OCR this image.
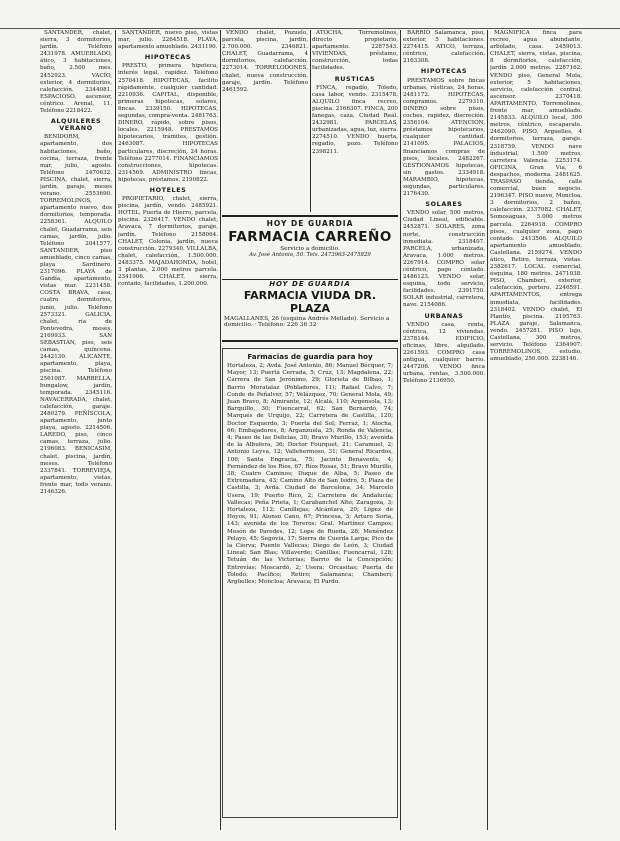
SANTANDER, chalet, sierra, 3 dormitorios, jardín. Teléfono 2431978. AMUEBLADO, ático, 3 habitaciones, baño, 2.500 mes. 2452923. VACÍO, exterior, 4 dormitorios, calefacción. 2344081. ESPACIOSO, ascensor, céntrico. Arenal, 11. Teléfono 2218422.

ALQUILERES VERANO

BENIDORM, apartamento, dos habitaciones, baño, cocina, terraza, frente mar, julio, agosto. Teléfono 2470632. PISCINA, chalet, sierra, jardín, garaje, meses verano. 2553690. TORREMOLINOS, apartamento nuevo, dos dormitorios, temporada. 2258361. ALQUILO chalet, Guadarrama, seis camas, jardín, julio. Teléfono 2041577. SANTANDER, piso amueblado, cinco camas, playa Sardinero. 2317096. PLAYA de Gandía, apartamento, vistas mar. 2231458. COSTA BRAVA, casa, cuatro dormitorios, junio, julio. Teléfono 2573321. GALICIA, chalet, ría de Pontevedra, meses. 2169933. SAN SEBASTIÁN, piso, seis camas, quincena. 2442130. ALICANTE, apartamento, playa, piscina. Teléfono 2561087. MARBELLA, bungalow, jardín, temporada. 2345116. NAVACERRADA, chalet, calefacción, garaje. 2480279. PEÑÍSCOLA, apartamento, junto playa, agosto. 2214506. LAREDO, piso, cinco camas, terraza, julio. 2196083. BENICASIM, chalet, piscina, jardín, meses. Teléfono 2337841. TORREVIEJA, apartamento, vistas, frente mar, todo verano. 2146326.

SANTANDER, nuevo piso, vistas mar, julio. 2264518. PLAYA, apartamento amueblado. 2431190.

HIPOTECAS

PRESTO, primera hipoteca, interés legal, rapidez. Teléfono 2570418. HIPOTECAS, facilito rápidamente, cualquier cantidad. 2210936. CAPITAL, disponible, primeras hipotecas, solares, fincas. 2339150. HIPOTECAS, segundas, compra-venta. 2481763. DINERO, rápido, sobre pisos, locales. 2215948. PRESTAMOS hipotecarios, trámites, gestión. 2463087. HIPOTECAS particulares, discreción, 24 horas. Teléfono 2277014. FINANCIAMOS construcciones, hipotecas. 2314569. ADMINISTRO fincas, hipotecas, préstamos. 2190822.

HOTELES

PROPIETARIO, chalet, sierra, piscina, jardín, vendo. 2485921. HOTEL, Puerta de Hierro, parcela, piscina. 2326417. VENDO chalet, Aravaca, 7 dormitorios, garaje, jardín. Teléfono 2158064. CHALET, Colonia, jardín, nueva construcción. 2279340. VILLALBA, chalet, calefacción, 1.500.000. 2483375. MAJADAHONDA, hotel, 3 plantas, 2.000 metros parcela. 2341906. CHALET, sierra, contado, facilidades, 1.200.000.

VENDO chalet, Pozuelo, parcela, piscina, jardín, 2.700.000. 2346821. CHALET, Guadarrama, 4 dormitorios, calefacción. 2273014. TORRELODONES, chalet, nueva construcción, garaje, jardín. Teléfono 2461592.

ATOCHA, Torremolinos, directo propietario, apartamento. 2287543. VIVIENDAS, préstamo, construcción, todas facilidades.

RUSTICAS

FINCA, regadío, Toledo, casa labor, vendo. 2315478. ALQUILO finca recreo, piscina. 2166307. FINCA, 200 fanegas, caza, Ciudad Real. 2432981. PARCELAS, urbanizadas, agua, luz, sierra. 2274510. VENDO huerta, regadío, pozo. Teléfono 2398211.

HOY DE GUARDIA
FARMACIA CARREÑO
Servicio a domicilio.
Av. José Antonio, 50. Tels. 2473963-2475829
HOY DE GUARDIA
FARMACIA VIUDA DR. PLAZA
MAGALLANES, 26 (esquina Andrés Mellado). Servicio a domicilio. · Teléfono: 226 36 32
Farmacias de guardia para hoy
Hortaleza, 2; Avda. José Antonio, 86; Manuel Bécquer, 7; Mayor, 13; Puerta Cerrada, 5; Cruz, 13; Magdalena, 22; Carrera de San Jerónimo, 29; Glorieta de Bilbao, 1; Barrio Moratalaz (Pobladores, 11); Rafael Calvo, 7; Conde de Peñalver, 57; Velázquez, 70; General Mola, 49; Juan Bravo, 8; Almirante, 12; Alcalá, 110; Argensola, 13; Barquillo, 30; Fuencarral, 62; San Bernardo, 74; Marqués de Urquijo, 22; Carretera de Castilla, 120; Doctor Esquerdo, 3; Puerta del Sol; Ferraz, 1; Atocha, 66; Embajadores, 8; Arganzuela, 25; Ronda de Valencia, 4; Paseo de las Delicias, 30; Bravo Murillo, 153; avenida de la Albufera, 36; Doctor Fourquet, 21; Caramuel, 2; Antonio Leyva, 12; Vallehermoso, 31; General Ricardos, 106; Santa Engracia, 75; Jacinto Benavente, 4; Fernández de los Ríos, 67; Ríos Rosas, 51; Bravo Murillo, 38; Cuatro Caminos; Duque de Alba, 5; Paseo de Extremadura, 43; Camino Alto de San Isidro, 5; Plaza de Castilla, 3; Avda. Ciudad de Barcelona, 34; Marcelo Usera, 19; Puerto Rico, 2; Carretera de Andalucía; Vallecas; Peña Prieta, 1; Carabanchel Alto; Zaragoza, 3; Hortaleza, 112; Canillejas; Alcántara, 20; López de Hoyos, 91; Alonso Cano, 67; Princesa, 3; Arturo Soria, 143; avenida de los Toreros; Gral. Martínez Campos; Mesón de Paredes, 12; Lope de Rueda, 28; Menéndez Pelayo, 45; Segovia, 17; Sierra de Cuerda Larga; Pico de la Cierva; Puente Vallecas; Diego de León, 3; Ciudad Lineal; San Blas; Villaverde; Canillas; Fuencarral, 128; Tetuán de las Victorias; Barrio de la Concepción; Entrevías; Moscardó, 2; Usera; Orcasitas; Puerta de Toledo; Pacífico; Retiro; Salamanca; Chamberí; Argüelles; Moncloa; Aravaca; El Pardo.

BARRIO Salamanca, piso, exterior, 5 habitaciones. 2274415. ATICO, terraza, céntrico, calefacción. 2163308.

HIPOTECAS

PRESTAMOS sobre fincas urbanas, rústicas, 24 horas. 2481172. HIPOTECAS, compramos. 2279310. DINERO sobre pisos, coches, rapidez, discreción. 2356104. ATENCION, préstamos hipotecarios, cualquier cantidad. 2141095. PALACIOS, financiamos compras de pisos, locales. 2482267. GESTIONAMOS hipotecas, sin gastos. 2334918. MARAMBIO, hipotecas, segundas, particulares. 2176430.

SOLARES

VENDO solar, 500 metros, Ciudad Lineal, edificable. 2452871. SOLARES, zona norte, construcción inmediata. 2318407. PARCELA, urbanizada, Aravaca, 1.000 metros. 2267914. COMPRO solar céntrico, pago contado. 2486123. VENDO solar, esquina, todo servicio, facilidades. 2391750. SOLAR industrial, carretera, nave. 2154086.

URBANAS

VENDO casa, renta, céntrica, 12 viviendas. 2378144. EDIFICIO, oficinas, libre, alquilado. 2261593. COMPRO casa antigua, cualquier barrio. 2447206. VENDO finca urbana, rentas, 3.500.000. Teléfono 2136950.

MAGNIFICA finca para recreo, agua abundante, arbolado, casa. 2459013. CHALET, sierra, vistas, piscina, 8 dormitorios, calefacción, jardín 2.000 metros. 2287162. VENDO piso, General Mola, exterior, 5 habitaciones, servicio, calefacción central, ascensor. 2370418. APARTAMENTO, Torremolinos, frente mar, amueblado. 2145833. ALQUILO local, 300 metros, céntrico, escaparate. 2462090. PISO, Arguelles, 4 dormitorios, terraza, garaje. 2318759. VENDO nave industrial, 1.500 metros, carretera Valencia. 2253174. OFICINA, Gran Vía, 6 despachos, moderna. 2481625. TRASPASO tienda, calle comercial, buen negocio. 2196347. PISO nuevo, Moncloa, 3 dormitorios, 2 baños, calefacción. 2337082. CHALET, Somosaguas, 5.000 metros parcela. 2264918. COMPRO pisos, cualquier zona, pago contado. 2413506. ALQUILO apartamento amueblado, Castellana. 2159274. VENDO ático, Retiro, terraza, vistas. 2382617. LOCAL comercial, esquina, 180 metros. 2471038. PISO, Chamberí, exterior, calefacción, portero. 2246591. APARTAMENTOS, entrega inmediata, facilidades. 2318402. VENDO chalet, El Plantío, piscina. 2195763. PLAZA garaje, Salamanca, vendo. 2457281. PISO lujo, Castellana, 300 metros, servicio. Teléfono 2364907. TORREMOLINOS, estudio, amueblado, 250.000. 2238146.
